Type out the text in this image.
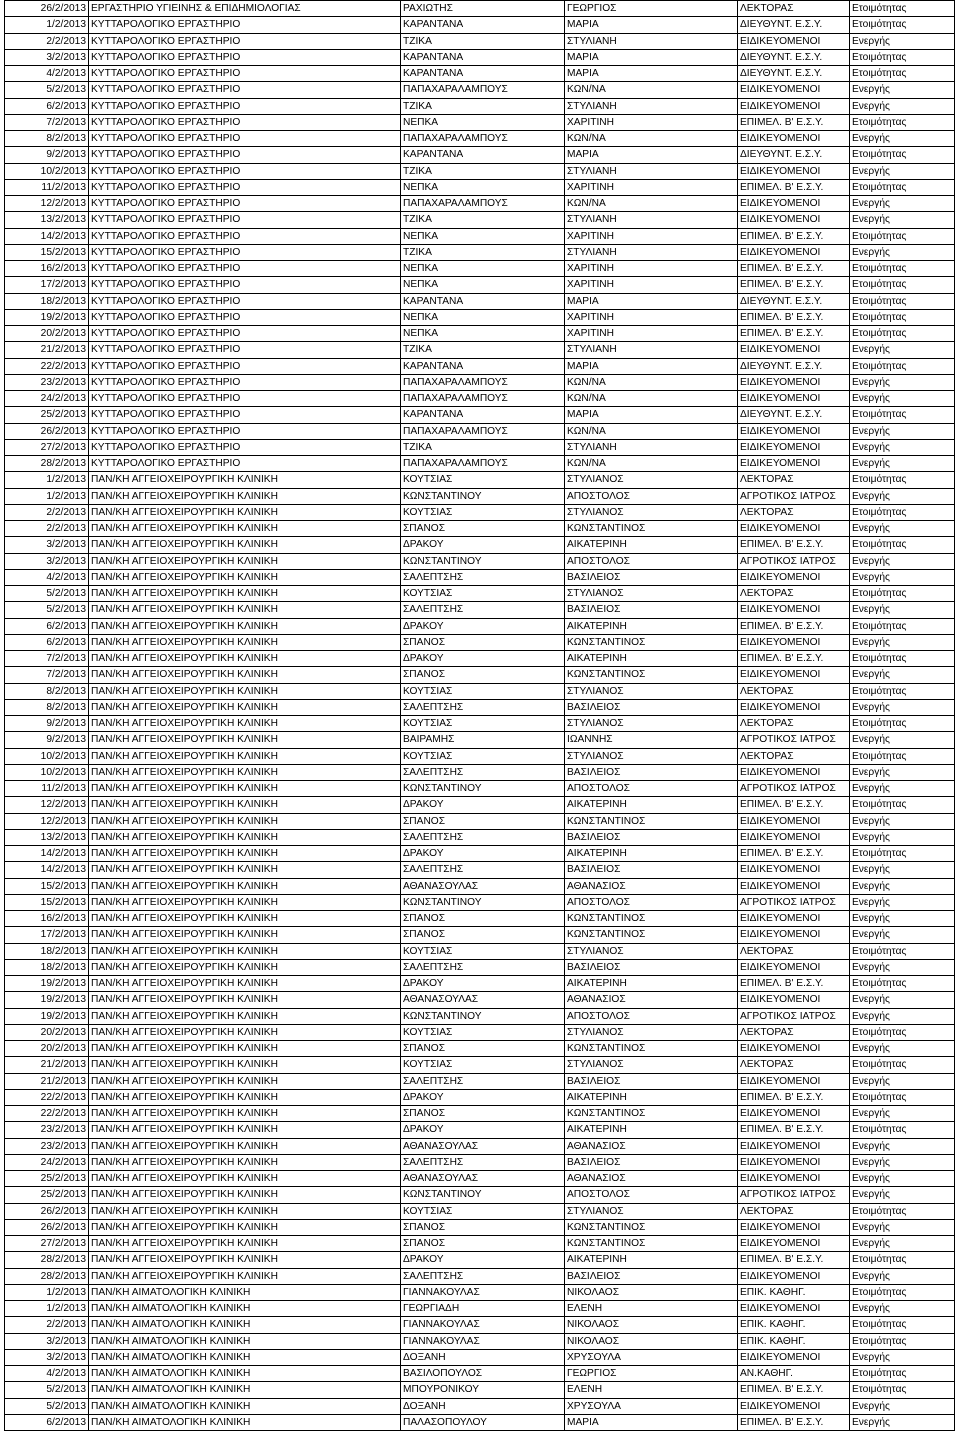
26/2/2013	ΕΡΓΑΣΤΗΡΙΟ ΥΓΙΕΙΝΗΣ & ΕΠΙΔΗΜΙΟΛΟΓΙΑΣ	ΡΑΧΙΩΤΗΣ	ΓΕΩΡΓΙΟΣ	ΛΕΚΤΟΡΑΣ	Ετοιμότητας
1/2/2013	ΚΥΤΤΑΡΟΛΟΓΙΚΟ ΕΡΓΑΣΤΗΡΙΟ	ΚΑΡΑΝΤΑΝΑ	ΜΑΡΙΑ	ΔΙΕΥΘΥΝΤ. Ε.Σ.Υ.	Ετοιμότητας
2/2/2013	ΚΥΤΤΑΡΟΛΟΓΙΚΟ ΕΡΓΑΣΤΗΡΙΟ	ΤΖΙΚΑ	ΣΤΥΛΙΑΝΗ	ΕΙΔΙΚΕΥΟΜΕΝΟΙ	Ενεργής
3/2/2013	ΚΥΤΤΑΡΟΛΟΓΙΚΟ ΕΡΓΑΣΤΗΡΙΟ	ΚΑΡΑΝΤΑΝΑ	ΜΑΡΙΑ	ΔΙΕΥΘΥΝΤ. Ε.Σ.Υ.	Ετοιμότητας
4/2/2013	ΚΥΤΤΑΡΟΛΟΓΙΚΟ ΕΡΓΑΣΤΗΡΙΟ	ΚΑΡΑΝΤΑΝΑ	ΜΑΡΙΑ	ΔΙΕΥΘΥΝΤ. Ε.Σ.Υ.	Ετοιμότητας
5/2/2013	ΚΥΤΤΑΡΟΛΟΓΙΚΟ ΕΡΓΑΣΤΗΡΙΟ	ΠΑΠΑΧΑΡΑΛΑΜΠΟΥΣ	ΚΩΝ/ΝΑ	ΕΙΔΙΚΕΥΟΜΕΝΟΙ	Ενεργής
6/2/2013	ΚΥΤΤΑΡΟΛΟΓΙΚΟ ΕΡΓΑΣΤΗΡΙΟ	ΤΖΙΚΑ	ΣΤΥΛΙΑΝΗ	ΕΙΔΙΚΕΥΟΜΕΝΟΙ	Ενεργής
7/2/2013	ΚΥΤΤΑΡΟΛΟΓΙΚΟ ΕΡΓΑΣΤΗΡΙΟ	ΝΕΠΚΑ	ΧΑΡΙΤΙΝΗ	ΕΠΙΜΕΛ. Β' Ε.Σ.Υ.	Ετοιμότητας
8/2/2013	ΚΥΤΤΑΡΟΛΟΓΙΚΟ ΕΡΓΑΣΤΗΡΙΟ	ΠΑΠΑΧΑΡΑΛΑΜΠΟΥΣ	ΚΩΝ/ΝΑ	ΕΙΔΙΚΕΥΟΜΕΝΟΙ	Ενεργής
9/2/2013	ΚΥΤΤΑΡΟΛΟΓΙΚΟ ΕΡΓΑΣΤΗΡΙΟ	ΚΑΡΑΝΤΑΝΑ	ΜΑΡΙΑ	ΔΙΕΥΘΥΝΤ. Ε.Σ.Υ.	Ετοιμότητας
10/2/2013	ΚΥΤΤΑΡΟΛΟΓΙΚΟ ΕΡΓΑΣΤΗΡΙΟ	ΤΖΙΚΑ	ΣΤΥΛΙΑΝΗ	ΕΙΔΙΚΕΥΟΜΕΝΟΙ	Ενεργής
11/2/2013	ΚΥΤΤΑΡΟΛΟΓΙΚΟ ΕΡΓΑΣΤΗΡΙΟ	ΝΕΠΚΑ	ΧΑΡΙΤΙΝΗ	ΕΠΙΜΕΛ. Β' Ε.Σ.Υ.	Ετοιμότητας
12/2/2013	ΚΥΤΤΑΡΟΛΟΓΙΚΟ ΕΡΓΑΣΤΗΡΙΟ	ΠΑΠΑΧΑΡΑΛΑΜΠΟΥΣ	ΚΩΝ/ΝΑ	ΕΙΔΙΚΕΥΟΜΕΝΟΙ	Ενεργής
13/2/2013	ΚΥΤΤΑΡΟΛΟΓΙΚΟ ΕΡΓΑΣΤΗΡΙΟ	ΤΖΙΚΑ	ΣΤΥΛΙΑΝΗ	ΕΙΔΙΚΕΥΟΜΕΝΟΙ	Ενεργής
14/2/2013	ΚΥΤΤΑΡΟΛΟΓΙΚΟ ΕΡΓΑΣΤΗΡΙΟ	ΝΕΠΚΑ	ΧΑΡΙΤΙΝΗ	ΕΠΙΜΕΛ. Β' Ε.Σ.Υ.	Ετοιμότητας
15/2/2013	ΚΥΤΤΑΡΟΛΟΓΙΚΟ ΕΡΓΑΣΤΗΡΙΟ	ΤΖΙΚΑ	ΣΤΥΛΙΑΝΗ	ΕΙΔΙΚΕΥΟΜΕΝΟΙ	Ενεργής
16/2/2013	ΚΥΤΤΑΡΟΛΟΓΙΚΟ ΕΡΓΑΣΤΗΡΙΟ	ΝΕΠΚΑ	ΧΑΡΙΤΙΝΗ	ΕΠΙΜΕΛ. Β' Ε.Σ.Υ.	Ετοιμότητας
17/2/2013	ΚΥΤΤΑΡΟΛΟΓΙΚΟ ΕΡΓΑΣΤΗΡΙΟ	ΝΕΠΚΑ	ΧΑΡΙΤΙΝΗ	ΕΠΙΜΕΛ. Β' Ε.Σ.Υ.	Ετοιμότητας
18/2/2013	ΚΥΤΤΑΡΟΛΟΓΙΚΟ ΕΡΓΑΣΤΗΡΙΟ	ΚΑΡΑΝΤΑΝΑ	ΜΑΡΙΑ	ΔΙΕΥΘΥΝΤ. Ε.Σ.Υ.	Ετοιμότητας
19/2/2013	ΚΥΤΤΑΡΟΛΟΓΙΚΟ ΕΡΓΑΣΤΗΡΙΟ	ΝΕΠΚΑ	ΧΑΡΙΤΙΝΗ	ΕΠΙΜΕΛ. Β' Ε.Σ.Υ.	Ετοιμότητας
20/2/2013	ΚΥΤΤΑΡΟΛΟΓΙΚΟ ΕΡΓΑΣΤΗΡΙΟ	ΝΕΠΚΑ	ΧΑΡΙΤΙΝΗ	ΕΠΙΜΕΛ. Β' Ε.Σ.Υ.	Ετοιμότητας
21/2/2013	ΚΥΤΤΑΡΟΛΟΓΙΚΟ ΕΡΓΑΣΤΗΡΙΟ	ΤΖΙΚΑ	ΣΤΥΛΙΑΝΗ	ΕΙΔΙΚΕΥΟΜΕΝΟΙ	Ενεργής
22/2/2013	ΚΥΤΤΑΡΟΛΟΓΙΚΟ ΕΡΓΑΣΤΗΡΙΟ	ΚΑΡΑΝΤΑΝΑ	ΜΑΡΙΑ	ΔΙΕΥΘΥΝΤ. Ε.Σ.Υ.	Ετοιμότητας
23/2/2013	ΚΥΤΤΑΡΟΛΟΓΙΚΟ ΕΡΓΑΣΤΗΡΙΟ	ΠΑΠΑΧΑΡΑΛΑΜΠΟΥΣ	ΚΩΝ/ΝΑ	ΕΙΔΙΚΕΥΟΜΕΝΟΙ	Ενεργής
24/2/2013	ΚΥΤΤΑΡΟΛΟΓΙΚΟ ΕΡΓΑΣΤΗΡΙΟ	ΠΑΠΑΧΑΡΑΛΑΜΠΟΥΣ	ΚΩΝ/ΝΑ	ΕΙΔΙΚΕΥΟΜΕΝΟΙ	Ενεργής
25/2/2013	ΚΥΤΤΑΡΟΛΟΓΙΚΟ ΕΡΓΑΣΤΗΡΙΟ	ΚΑΡΑΝΤΑΝΑ	ΜΑΡΙΑ	ΔΙΕΥΘΥΝΤ. Ε.Σ.Υ.	Ετοιμότητας
26/2/2013	ΚΥΤΤΑΡΟΛΟΓΙΚΟ ΕΡΓΑΣΤΗΡΙΟ	ΠΑΠΑΧΑΡΑΛΑΜΠΟΥΣ	ΚΩΝ/ΝΑ	ΕΙΔΙΚΕΥΟΜΕΝΟΙ	Ενεργής
27/2/2013	ΚΥΤΤΑΡΟΛΟΓΙΚΟ ΕΡΓΑΣΤΗΡΙΟ	ΤΖΙΚΑ	ΣΤΥΛΙΑΝΗ	ΕΙΔΙΚΕΥΟΜΕΝΟΙ	Ενεργής
28/2/2013	ΚΥΤΤΑΡΟΛΟΓΙΚΟ ΕΡΓΑΣΤΗΡΙΟ	ΠΑΠΑΧΑΡΑΛΑΜΠΟΥΣ	ΚΩΝ/ΝΑ	ΕΙΔΙΚΕΥΟΜΕΝΟΙ	Ενεργής
1/2/2013	ΠΑΝ/ΚΗ ΑΓΓΕΙΟΧΕΙΡΟΥΡΓΙΚΗ ΚΛΙΝΙΚΗ	ΚΟΥΤΣΙΑΣ	ΣΤΥΛΙΑΝΟΣ	ΛΕΚΤΟΡΑΣ	Ετοιμότητας
1/2/2013	ΠΑΝ/ΚΗ ΑΓΓΕΙΟΧΕΙΡΟΥΡΓΙΚΗ ΚΛΙΝΙΚΗ	ΚΩΝΣΤΑΝΤΙΝΟΥ	ΑΠΟΣΤΟΛΟΣ	ΑΓΡΟΤΙΚΟΣ ΙΑΤΡΟΣ	Ενεργής
2/2/2013	ΠΑΝ/ΚΗ ΑΓΓΕΙΟΧΕΙΡΟΥΡΓΙΚΗ ΚΛΙΝΙΚΗ	ΚΟΥΤΣΙΑΣ	ΣΤΥΛΙΑΝΟΣ	ΛΕΚΤΟΡΑΣ	Ετοιμότητας
2/2/2013	ΠΑΝ/ΚΗ ΑΓΓΕΙΟΧΕΙΡΟΥΡΓΙΚΗ ΚΛΙΝΙΚΗ	ΣΠΑΝΟΣ	ΚΩΝΣΤΑΝΤΙΝΟΣ	ΕΙΔΙΚΕΥΟΜΕΝΟΙ	Ενεργής
3/2/2013	ΠΑΝ/ΚΗ ΑΓΓΕΙΟΧΕΙΡΟΥΡΓΙΚΗ ΚΛΙΝΙΚΗ	ΔΡΑΚΟΥ	ΑΙΚΑΤΕΡΙΝΗ	ΕΠΙΜΕΛ. Β' Ε.Σ.Υ.	Ετοιμότητας
3/2/2013	ΠΑΝ/ΚΗ ΑΓΓΕΙΟΧΕΙΡΟΥΡΓΙΚΗ ΚΛΙΝΙΚΗ	ΚΩΝΣΤΑΝΤΙΝΟΥ	ΑΠΟΣΤΟΛΟΣ	ΑΓΡΟΤΙΚΟΣ ΙΑΤΡΟΣ	Ενεργής
4/2/2013	ΠΑΝ/ΚΗ ΑΓΓΕΙΟΧΕΙΡΟΥΡΓΙΚΗ ΚΛΙΝΙΚΗ	ΣΑΛΕΠΤΣΗΣ	ΒΑΣΙΛΕΙΟΣ	ΕΙΔΙΚΕΥΟΜΕΝΟΙ	Ενεργής
5/2/2013	ΠΑΝ/ΚΗ ΑΓΓΕΙΟΧΕΙΡΟΥΡΓΙΚΗ ΚΛΙΝΙΚΗ	ΚΟΥΤΣΙΑΣ	ΣΤΥΛΙΑΝΟΣ	ΛΕΚΤΟΡΑΣ	Ετοιμότητας
5/2/2013	ΠΑΝ/ΚΗ ΑΓΓΕΙΟΧΕΙΡΟΥΡΓΙΚΗ ΚΛΙΝΙΚΗ	ΣΑΛΕΠΤΣΗΣ	ΒΑΣΙΛΕΙΟΣ	ΕΙΔΙΚΕΥΟΜΕΝΟΙ	Ενεργής
6/2/2013	ΠΑΝ/ΚΗ ΑΓΓΕΙΟΧΕΙΡΟΥΡΓΙΚΗ ΚΛΙΝΙΚΗ	ΔΡΑΚΟΥ	ΑΙΚΑΤΕΡΙΝΗ	ΕΠΙΜΕΛ. Β' Ε.Σ.Υ.	Ετοιμότητας
6/2/2013	ΠΑΝ/ΚΗ ΑΓΓΕΙΟΧΕΙΡΟΥΡΓΙΚΗ ΚΛΙΝΙΚΗ	ΣΠΑΝΟΣ	ΚΩΝΣΤΑΝΤΙΝΟΣ	ΕΙΔΙΚΕΥΟΜΕΝΟΙ	Ενεργής
7/2/2013	ΠΑΝ/ΚΗ ΑΓΓΕΙΟΧΕΙΡΟΥΡΓΙΚΗ ΚΛΙΝΙΚΗ	ΔΡΑΚΟΥ	ΑΙΚΑΤΕΡΙΝΗ	ΕΠΙΜΕΛ. Β' Ε.Σ.Υ.	Ετοιμότητας
7/2/2013	ΠΑΝ/ΚΗ ΑΓΓΕΙΟΧΕΙΡΟΥΡΓΙΚΗ ΚΛΙΝΙΚΗ	ΣΠΑΝΟΣ	ΚΩΝΣΤΑΝΤΙΝΟΣ	ΕΙΔΙΚΕΥΟΜΕΝΟΙ	Ενεργής
8/2/2013	ΠΑΝ/ΚΗ ΑΓΓΕΙΟΧΕΙΡΟΥΡΓΙΚΗ ΚΛΙΝΙΚΗ	ΚΟΥΤΣΙΑΣ	ΣΤΥΛΙΑΝΟΣ	ΛΕΚΤΟΡΑΣ	Ετοιμότητας
8/2/2013	ΠΑΝ/ΚΗ ΑΓΓΕΙΟΧΕΙΡΟΥΡΓΙΚΗ ΚΛΙΝΙΚΗ	ΣΑΛΕΠΤΣΗΣ	ΒΑΣΙΛΕΙΟΣ	ΕΙΔΙΚΕΥΟΜΕΝΟΙ	Ενεργής
9/2/2013	ΠΑΝ/ΚΗ ΑΓΓΕΙΟΧΕΙΡΟΥΡΓΙΚΗ ΚΛΙΝΙΚΗ	ΚΟΥΤΣΙΑΣ	ΣΤΥΛΙΑΝΟΣ	ΛΕΚΤΟΡΑΣ	Ετοιμότητας
9/2/2013	ΠΑΝ/ΚΗ ΑΓΓΕΙΟΧΕΙΡΟΥΡΓΙΚΗ ΚΛΙΝΙΚΗ	ΒΑΙΡΑΜΗΣ	ΙΩΑΝΝΗΣ	ΑΓΡΟΤΙΚΟΣ ΙΑΤΡΟΣ	Ενεργής
10/2/2013	ΠΑΝ/ΚΗ ΑΓΓΕΙΟΧΕΙΡΟΥΡΓΙΚΗ ΚΛΙΝΙΚΗ	ΚΟΥΤΣΙΑΣ	ΣΤΥΛΙΑΝΟΣ	ΛΕΚΤΟΡΑΣ	Ετοιμότητας
10/2/2013	ΠΑΝ/ΚΗ ΑΓΓΕΙΟΧΕΙΡΟΥΡΓΙΚΗ ΚΛΙΝΙΚΗ	ΣΑΛΕΠΤΣΗΣ	ΒΑΣΙΛΕΙΟΣ	ΕΙΔΙΚΕΥΟΜΕΝΟΙ	Ενεργής
11/2/2013	ΠΑΝ/ΚΗ ΑΓΓΕΙΟΧΕΙΡΟΥΡΓΙΚΗ ΚΛΙΝΙΚΗ	ΚΩΝΣΤΑΝΤΙΝΟΥ	ΑΠΟΣΤΟΛΟΣ	ΑΓΡΟΤΙΚΟΣ ΙΑΤΡΟΣ	Ενεργής
12/2/2013	ΠΑΝ/ΚΗ ΑΓΓΕΙΟΧΕΙΡΟΥΡΓΙΚΗ ΚΛΙΝΙΚΗ	ΔΡΑΚΟΥ	ΑΙΚΑΤΕΡΙΝΗ	ΕΠΙΜΕΛ. Β' Ε.Σ.Υ.	Ετοιμότητας
12/2/2013	ΠΑΝ/ΚΗ ΑΓΓΕΙΟΧΕΙΡΟΥΡΓΙΚΗ ΚΛΙΝΙΚΗ	ΣΠΑΝΟΣ	ΚΩΝΣΤΑΝΤΙΝΟΣ	ΕΙΔΙΚΕΥΟΜΕΝΟΙ	Ενεργής
13/2/2013	ΠΑΝ/ΚΗ ΑΓΓΕΙΟΧΕΙΡΟΥΡΓΙΚΗ ΚΛΙΝΙΚΗ	ΣΑΛΕΠΤΣΗΣ	ΒΑΣΙΛΕΙΟΣ	ΕΙΔΙΚΕΥΟΜΕΝΟΙ	Ενεργής
14/2/2013	ΠΑΝ/ΚΗ ΑΓΓΕΙΟΧΕΙΡΟΥΡΓΙΚΗ ΚΛΙΝΙΚΗ	ΔΡΑΚΟΥ	ΑΙΚΑΤΕΡΙΝΗ	ΕΠΙΜΕΛ. Β' Ε.Σ.Υ.	Ετοιμότητας
14/2/2013	ΠΑΝ/ΚΗ ΑΓΓΕΙΟΧΕΙΡΟΥΡΓΙΚΗ ΚΛΙΝΙΚΗ	ΣΑΛΕΠΤΣΗΣ	ΒΑΣΙΛΕΙΟΣ	ΕΙΔΙΚΕΥΟΜΕΝΟΙ	Ενεργής
15/2/2013	ΠΑΝ/ΚΗ ΑΓΓΕΙΟΧΕΙΡΟΥΡΓΙΚΗ ΚΛΙΝΙΚΗ	ΑΘΑΝΑΣΟΥΛΑΣ	ΑΘΑΝΑΣΙΟΣ	ΕΙΔΙΚΕΥΟΜΕΝΟΙ	Ενεργής
15/2/2013	ΠΑΝ/ΚΗ ΑΓΓΕΙΟΧΕΙΡΟΥΡΓΙΚΗ ΚΛΙΝΙΚΗ	ΚΩΝΣΤΑΝΤΙΝΟΥ	ΑΠΟΣΤΟΛΟΣ	ΑΓΡΟΤΙΚΟΣ ΙΑΤΡΟΣ	Ενεργής
16/2/2013	ΠΑΝ/ΚΗ ΑΓΓΕΙΟΧΕΙΡΟΥΡΓΙΚΗ ΚΛΙΝΙΚΗ	ΣΠΑΝΟΣ	ΚΩΝΣΤΑΝΤΙΝΟΣ	ΕΙΔΙΚΕΥΟΜΕΝΟΙ	Ενεργής
17/2/2013	ΠΑΝ/ΚΗ ΑΓΓΕΙΟΧΕΙΡΟΥΡΓΙΚΗ ΚΛΙΝΙΚΗ	ΣΠΑΝΟΣ	ΚΩΝΣΤΑΝΤΙΝΟΣ	ΕΙΔΙΚΕΥΟΜΕΝΟΙ	Ενεργής
18/2/2013	ΠΑΝ/ΚΗ ΑΓΓΕΙΟΧΕΙΡΟΥΡΓΙΚΗ ΚΛΙΝΙΚΗ	ΚΟΥΤΣΙΑΣ	ΣΤΥΛΙΑΝΟΣ	ΛΕΚΤΟΡΑΣ	Ετοιμότητας
18/2/2013	ΠΑΝ/ΚΗ ΑΓΓΕΙΟΧΕΙΡΟΥΡΓΙΚΗ ΚΛΙΝΙΚΗ	ΣΑΛΕΠΤΣΗΣ	ΒΑΣΙΛΕΙΟΣ	ΕΙΔΙΚΕΥΟΜΕΝΟΙ	Ενεργής
19/2/2013	ΠΑΝ/ΚΗ ΑΓΓΕΙΟΧΕΙΡΟΥΡΓΙΚΗ ΚΛΙΝΙΚΗ	ΔΡΑΚΟΥ	ΑΙΚΑΤΕΡΙΝΗ	ΕΠΙΜΕΛ. Β' Ε.Σ.Υ.	Ετοιμότητας
19/2/2013	ΠΑΝ/ΚΗ ΑΓΓΕΙΟΧΕΙΡΟΥΡΓΙΚΗ ΚΛΙΝΙΚΗ	ΑΘΑΝΑΣΟΥΛΑΣ	ΑΘΑΝΑΣΙΟΣ	ΕΙΔΙΚΕΥΟΜΕΝΟΙ	Ενεργής
19/2/2013	ΠΑΝ/ΚΗ ΑΓΓΕΙΟΧΕΙΡΟΥΡΓΙΚΗ ΚΛΙΝΙΚΗ	ΚΩΝΣΤΑΝΤΙΝΟΥ	ΑΠΟΣΤΟΛΟΣ	ΑΓΡΟΤΙΚΟΣ ΙΑΤΡΟΣ	Ενεργής
20/2/2013	ΠΑΝ/ΚΗ ΑΓΓΕΙΟΧΕΙΡΟΥΡΓΙΚΗ ΚΛΙΝΙΚΗ	ΚΟΥΤΣΙΑΣ	ΣΤΥΛΙΑΝΟΣ	ΛΕΚΤΟΡΑΣ	Ετοιμότητας
20/2/2013	ΠΑΝ/ΚΗ ΑΓΓΕΙΟΧΕΙΡΟΥΡΓΙΚΗ ΚΛΙΝΙΚΗ	ΣΠΑΝΟΣ	ΚΩΝΣΤΑΝΤΙΝΟΣ	ΕΙΔΙΚΕΥΟΜΕΝΟΙ	Ενεργής
21/2/2013	ΠΑΝ/ΚΗ ΑΓΓΕΙΟΧΕΙΡΟΥΡΓΙΚΗ ΚΛΙΝΙΚΗ	ΚΟΥΤΣΙΑΣ	ΣΤΥΛΙΑΝΟΣ	ΛΕΚΤΟΡΑΣ	Ετοιμότητας
21/2/2013	ΠΑΝ/ΚΗ ΑΓΓΕΙΟΧΕΙΡΟΥΡΓΙΚΗ ΚΛΙΝΙΚΗ	ΣΑΛΕΠΤΣΗΣ	ΒΑΣΙΛΕΙΟΣ	ΕΙΔΙΚΕΥΟΜΕΝΟΙ	Ενεργής
22/2/2013	ΠΑΝ/ΚΗ ΑΓΓΕΙΟΧΕΙΡΟΥΡΓΙΚΗ ΚΛΙΝΙΚΗ	ΔΡΑΚΟΥ	ΑΙΚΑΤΕΡΙΝΗ	ΕΠΙΜΕΛ. Β' Ε.Σ.Υ.	Ετοιμότητας
22/2/2013	ΠΑΝ/ΚΗ ΑΓΓΕΙΟΧΕΙΡΟΥΡΓΙΚΗ ΚΛΙΝΙΚΗ	ΣΠΑΝΟΣ	ΚΩΝΣΤΑΝΤΙΝΟΣ	ΕΙΔΙΚΕΥΟΜΕΝΟΙ	Ενεργής
23/2/2013	ΠΑΝ/ΚΗ ΑΓΓΕΙΟΧΕΙΡΟΥΡΓΙΚΗ ΚΛΙΝΙΚΗ	ΔΡΑΚΟΥ	ΑΙΚΑΤΕΡΙΝΗ	ΕΠΙΜΕΛ. Β' Ε.Σ.Υ.	Ετοιμότητας
23/2/2013	ΠΑΝ/ΚΗ ΑΓΓΕΙΟΧΕΙΡΟΥΡΓΙΚΗ ΚΛΙΝΙΚΗ	ΑΘΑΝΑΣΟΥΛΑΣ	ΑΘΑΝΑΣΙΟΣ	ΕΙΔΙΚΕΥΟΜΕΝΟΙ	Ενεργής
24/2/2013	ΠΑΝ/ΚΗ ΑΓΓΕΙΟΧΕΙΡΟΥΡΓΙΚΗ ΚΛΙΝΙΚΗ	ΣΑΛΕΠΤΣΗΣ	ΒΑΣΙΛΕΙΟΣ	ΕΙΔΙΚΕΥΟΜΕΝΟΙ	Ενεργής
25/2/2013	ΠΑΝ/ΚΗ ΑΓΓΕΙΟΧΕΙΡΟΥΡΓΙΚΗ ΚΛΙΝΙΚΗ	ΑΘΑΝΑΣΟΥΛΑΣ	ΑΘΑΝΑΣΙΟΣ	ΕΙΔΙΚΕΥΟΜΕΝΟΙ	Ενεργής
25/2/2013	ΠΑΝ/ΚΗ ΑΓΓΕΙΟΧΕΙΡΟΥΡΓΙΚΗ ΚΛΙΝΙΚΗ	ΚΩΝΣΤΑΝΤΙΝΟΥ	ΑΠΟΣΤΟΛΟΣ	ΑΓΡΟΤΙΚΟΣ ΙΑΤΡΟΣ	Ενεργής
26/2/2013	ΠΑΝ/ΚΗ ΑΓΓΕΙΟΧΕΙΡΟΥΡΓΙΚΗ ΚΛΙΝΙΚΗ	ΚΟΥΤΣΙΑΣ	ΣΤΥΛΙΑΝΟΣ	ΛΕΚΤΟΡΑΣ	Ετοιμότητας
26/2/2013	ΠΑΝ/ΚΗ ΑΓΓΕΙΟΧΕΙΡΟΥΡΓΙΚΗ ΚΛΙΝΙΚΗ	ΣΠΑΝΟΣ	ΚΩΝΣΤΑΝΤΙΝΟΣ	ΕΙΔΙΚΕΥΟΜΕΝΟΙ	Ενεργής
27/2/2013	ΠΑΝ/ΚΗ ΑΓΓΕΙΟΧΕΙΡΟΥΡΓΙΚΗ ΚΛΙΝΙΚΗ	ΣΠΑΝΟΣ	ΚΩΝΣΤΑΝΤΙΝΟΣ	ΕΙΔΙΚΕΥΟΜΕΝΟΙ	Ενεργής
28/2/2013	ΠΑΝ/ΚΗ ΑΓΓΕΙΟΧΕΙΡΟΥΡΓΙΚΗ ΚΛΙΝΙΚΗ	ΔΡΑΚΟΥ	ΑΙΚΑΤΕΡΙΝΗ	ΕΠΙΜΕΛ. Β' Ε.Σ.Υ.	Ετοιμότητας
28/2/2013	ΠΑΝ/ΚΗ ΑΓΓΕΙΟΧΕΙΡΟΥΡΓΙΚΗ ΚΛΙΝΙΚΗ	ΣΑΛΕΠΤΣΗΣ	ΒΑΣΙΛΕΙΟΣ	ΕΙΔΙΚΕΥΟΜΕΝΟΙ	Ενεργής
1/2/2013	ΠΑΝ/ΚΗ ΑΙΜΑΤΟΛΟΓΙΚΗ ΚΛΙΝΙΚΗ	ΓΙΑΝΝΑΚΟΥΛΑΣ	ΝΙΚΟΛΑΟΣ	ΕΠΙΚ. ΚΑΘΗΓ.	Ετοιμότητας
1/2/2013	ΠΑΝ/ΚΗ ΑΙΜΑΤΟΛΟΓΙΚΗ ΚΛΙΝΙΚΗ	ΓΕΩΡΓΙΑΔΗ	ΕΛΕΝΗ	ΕΙΔΙΚΕΥΟΜΕΝΟΙ	Ενεργής
2/2/2013	ΠΑΝ/ΚΗ ΑΙΜΑΤΟΛΟΓΙΚΗ ΚΛΙΝΙΚΗ	ΓΙΑΝΝΑΚΟΥΛΑΣ	ΝΙΚΟΛΑΟΣ	ΕΠΙΚ. ΚΑΘΗΓ.	Ετοιμότητας
3/2/2013	ΠΑΝ/ΚΗ ΑΙΜΑΤΟΛΟΓΙΚΗ ΚΛΙΝΙΚΗ	ΓΙΑΝΝΑΚΟΥΛΑΣ	ΝΙΚΟΛΑΟΣ	ΕΠΙΚ. ΚΑΘΗΓ.	Ετοιμότητας
3/2/2013	ΠΑΝ/ΚΗ ΑΙΜΑΤΟΛΟΓΙΚΗ ΚΛΙΝΙΚΗ	ΔΟΞΑΝΗ	ΧΡΥΣΟΥΛΑ	ΕΙΔΙΚΕΥΟΜΕΝΟΙ	Ενεργής
4/2/2013	ΠΑΝ/ΚΗ ΑΙΜΑΤΟΛΟΓΙΚΗ ΚΛΙΝΙΚΗ	ΒΑΣΙΛΟΠΟΥΛΟΣ	ΓΕΩΡΓΙΟΣ	ΑΝ.ΚΑΘΗΓ.	Ετοιμότητας
5/2/2013	ΠΑΝ/ΚΗ ΑΙΜΑΤΟΛΟΓΙΚΗ ΚΛΙΝΙΚΗ	ΜΠΟΥΡΟΝΙΚΟΥ	ΕΛΕΝΗ	ΕΠΙΜΕΛ. Β' Ε.Σ.Υ.	Ετοιμότητας
5/2/2013	ΠΑΝ/ΚΗ ΑΙΜΑΤΟΛΟΓΙΚΗ ΚΛΙΝΙΚΗ	ΔΟΞΑΝΗ	ΧΡΥΣΟΥΛΑ	ΕΙΔΙΚΕΥΟΜΕΝΟΙ	Ενεργής
6/2/2013	ΠΑΝ/ΚΗ ΑΙΜΑΤΟΛΟΓΙΚΗ ΚΛΙΝΙΚΗ	ΠΑΛΑΣΟΠΟΥΛΟΥ	ΜΑΡΙΑ	ΕΠΙΜΕΛ. Β' Ε.Σ.Υ.	Ενεργής
